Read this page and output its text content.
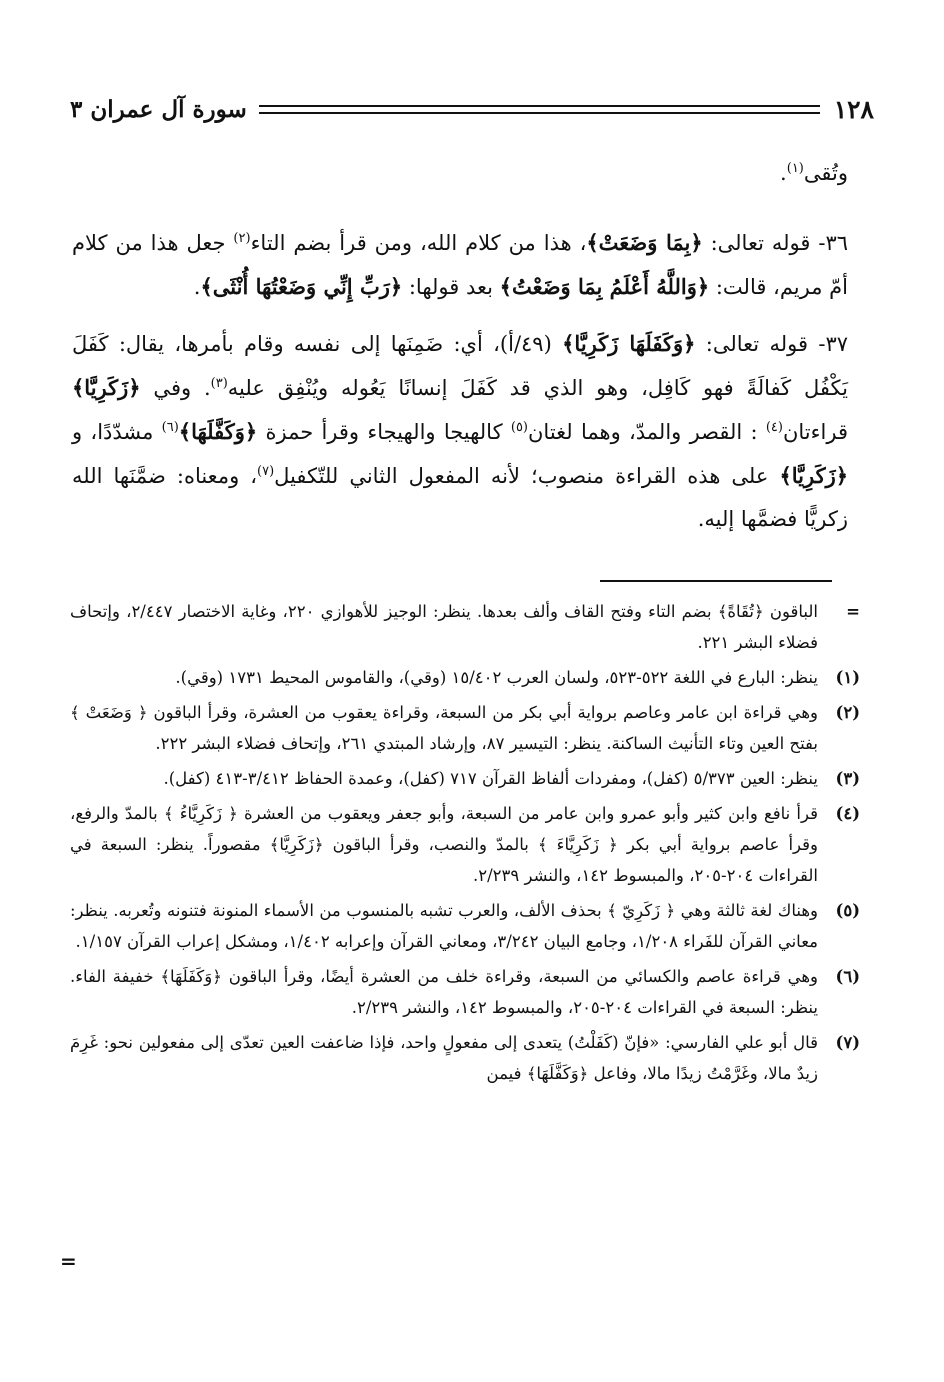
١٢٨
سورة آل عمران ٣

وتُقى$^{(١)}$.

٣٦- قوله تعالى: ﴿بِمَا وَضَعَتْ﴾، هذا من كلام الله، ومن قرأ بضم التاء$^{(٢)}$ جعل هذا من كلام أمّ مريم، قالت: ﴿وَاللَّهُ أَعْلَمُ بِمَا وَضَعْتُ﴾ بعد قولها: ﴿رَبِّ إِنِّي وَضَعْتُهَا أُنْثَى﴾.

٣٧- قوله تعالى: ﴿وَكَفَلَهَا زَكَرِيَّا﴾ (٤٩/أ)، أي: ضَمِنَها إلى نفسه وقام بأمرها، يقال: كَفَلَ يَكْفُل كَفالَةً فهو كَافِل، وهو الذي قد كَفَلَ إنسانًا يَعُوله ويُنْفِق عليه$^{(٣)}$. وفي ﴿زَكَرِيَّا﴾ قراءتان$^{(٤)}$ : القصر والمدّ، وهما لغتان$^{(٥)}$ كالهيجا والهيجاء وقرأ حمزة ﴿وَكَفَّلَهَا﴾$^{(٦)}$ مشدّدًا، و ﴿زَكَرِيَّا﴾ على هذه القراءة منصوب؛ لأنه المفعول الثاني للتّكفيل$^{(٧)}$، ومعناه: ضمَّنَها الله زكريًّا فضمَّها إليه.

=
الباقون ﴿تُقَاةً﴾ بضم التاء وفتح القاف وألف بعدها. ينظر: الوجيز للأهوازي ٢٢٠، وغاية الاختصار ٢/٤٤٧، وإتحاف فضلاء البشر ٢٢١.
(١)
ينظر: البارع في اللغة ٥٢٢-٥٢٣، ولسان العرب ١٥/٤٠٢ (وقي)، والقاموس المحيط ١٧٣١ (وقي).
(٢)
وهي قراءة ابن عامر وعاصم برواية أبي بكر من السبعة، وقراءة يعقوب من العشرة، وقرأ الباقون ﴿ وَضَعَتْ ﴾ بفتح العين وتاء التأنيث الساكنة. ينظر: التيسير ٨٧، وإرشاد المبتدي ٢٦١، وإتحاف فضلاء البشر ٢٢٢.
(٣)
ينظر: العين ٥/٣٧٣ (كفل)، ومفردات ألفاظ القرآن ٧١٧ (كفل)، وعمدة الحفاظ ٣/٤١٢-٤١٣ (كفل).
(٤)
قرأ نافع وابن كثير وأبو عمرو وابن عامر من السبعة، وأبو جعفر ويعقوب من العشرة ﴿ زَكَرِيَّاءُ ﴾ بالمدّ والرفع، وقرأ عاصم برواية أبي بكر ﴿ زَكَرِيَّاءَ ﴾ بالمدّ والنصب، وقرأ الباقون ﴿زَكَرِيَّا﴾ مقصوراً. ينظر: السبعة في القراءات ٢٠٤-٢٠٥، والمبسوط ١٤٢، والنشر ٢/٢٣٩.
(٥)
وهناك لغة ثالثة وهي ﴿ زَكَرِيّ ﴾ بحذف الألف، والعرب تشبه بالمنسوب من الأسماء المنونة فتنونه وتُعربه. ينظر: معاني القرآن للفَراء ١/٢٠٨، وجامع البيان ٣/٢٤٢، ومعاني القرآن وإعرابه ١/٤٠٢، ومشكل إعراب القرآن ١/١٥٧.
(٦)
وهي قراءة عاصم والكسائي من السبعة، وقراءة خلف من العشرة أيضًا، وقرأ الباقون ﴿وَكَفَلَهَا﴾ خفيفة الفاء. ينظر: السبعة في القراءات ٢٠٤-٢٠٥، والمبسوط ١٤٢، والنشر ٢/٢٣٩.
(٧)
قال أبو علي الفارسي: «فإنّ (كَفَلْتُ) يتعدى إلى مفعولٍ واحد، فإذا ضاعفت العين تعدّى إلى مفعولين نحو: غَرِمَ زيدٌ مالا، وغَرَّمْتُ زيدًا مالا، وفاعل ﴿وَكَفَّلَهَا﴾ فيمن
=
